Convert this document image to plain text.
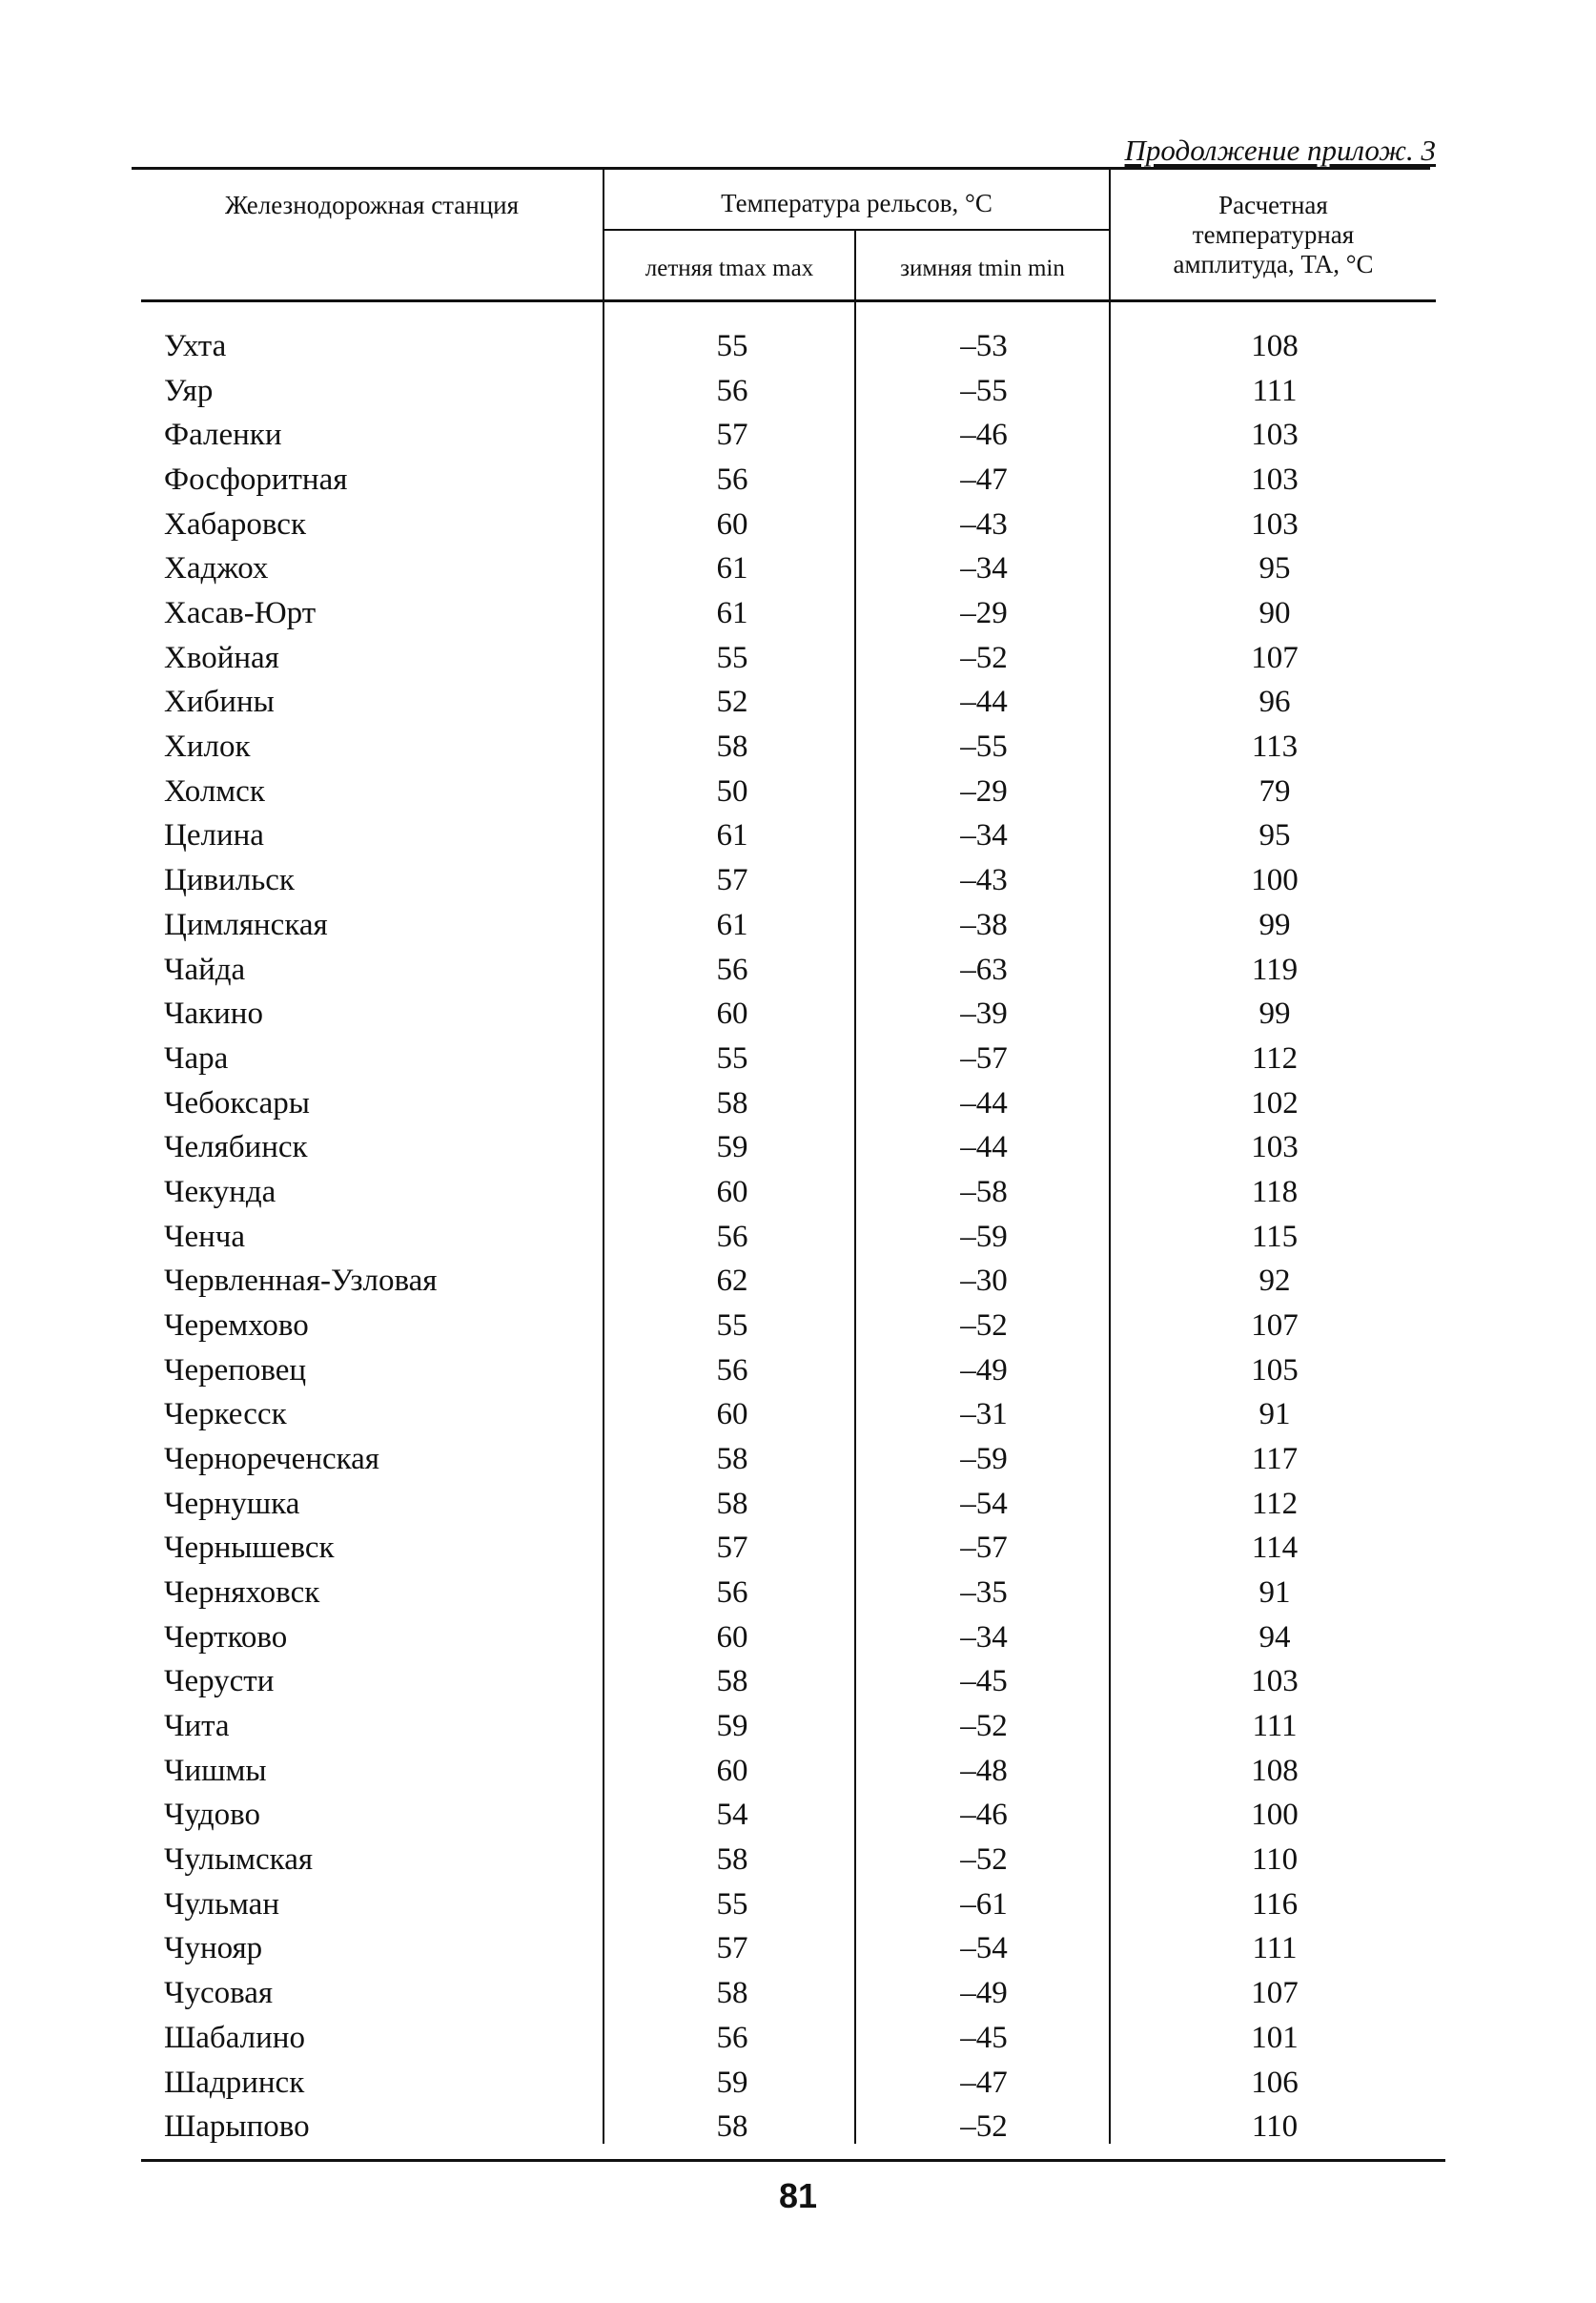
Продолжение прилож. 3
Железнодорожная станция	Температура рельсов, °С
летняя tmax max	зимняя tmin min
Расчетная
температурная
амплитуда, TA, °С
Ухта	55	–53	108
Уяр	56	–55	111
Фаленки	57	–46	103
Фосфоритная	56	–47	103
Хабаровск	60	–43	103
Хаджох	61	–34	95
Хасав-Юрт	61	–29	90
Хвойная	55	–52	107
Хибины	52	–44	96
Хилок	58	–55	113
Холмск	50	–29	79
Целина	61	–34	95
Цивильск	57	–43	100
Цимлянская	61	–38	99
Чайда	56	–63	119
Чакино	60	–39	99
Чара	55	–57	112
Чебоксары	58	–44	102
Челябинск	59	–44	103
Чекунда	60	–58	118
Ченча	56	–59	115
Червленная-Узловая	62	–30	92
Черемхово	55	–52	107
Череповец	56	–49	105
Черкесск	60	–31	91
Чернореченская	58	–59	117
Чернушка	58	–54	112
Чернышевск	57	–57	114
Черняховск	56	–35	91
Чертково	60	–34	94
Черусти	58	–45	103
Чита	59	–52	111
Чишмы	60	–48	108
Чудово	54	–46	100
Чулымская	58	–52	110
Чульман	55	–61	116
Чунояр	57	–54	111
Чусовая	58	–49	107
Шабалино	56	–45	101
Шадринск	59	–47	106
Шарыпово	58	–52	110
81
